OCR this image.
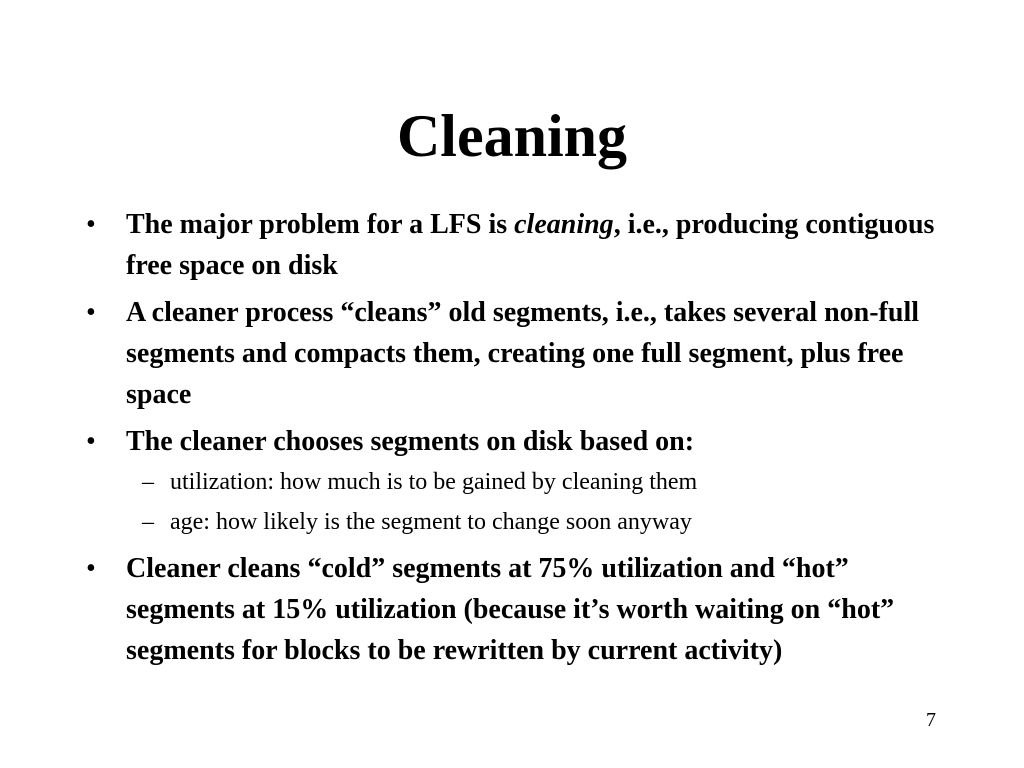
Cleaning
• The major problem for a LFS is cleaning, i.e., producing contiguous free space on disk
• A cleaner process “cleans” old segments, i.e., takes several non-full segments and compacts them, creating one full segment, plus free space
• The cleaner chooses segments on disk based on:
– utilization: how much is to be gained by cleaning them
– age: how likely is the segment to change soon anyway
• Cleaner cleans “cold” segments at 75% utilization and “hot” segments at 15% utilization (because it’s worth waiting on “hot” segments for blocks to be rewritten by current activity)
7
